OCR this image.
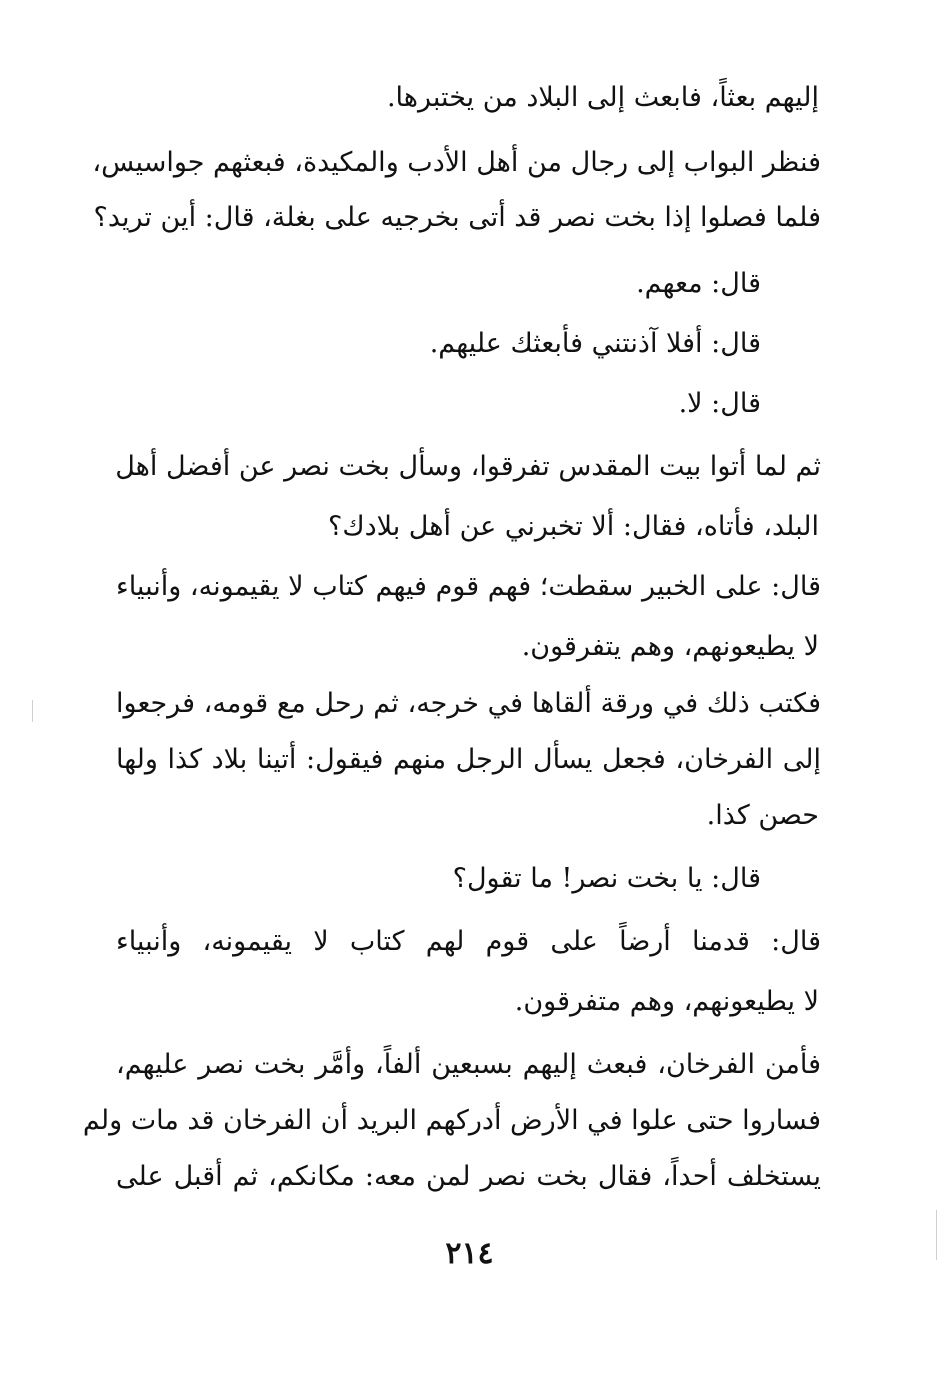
إليهم بعثاً، فابعث إلى البلاد من يختبرها.
فنظر البواب إلى رجال من أهل الأدب والمكيدة، فبعثهم جواسيس،
فلما فصلوا إذا بخت نصر قد أتى بخرجيه على بغلة، قال: أين تريد؟
قال: معهم.
قال: أفلا آذنتني فأبعثك عليهم.
قال: لا.
ثم لما أتوا بيت المقدس تفرقوا، وسأل بخت نصر عن أفضل أهل
البلد، فأتاه، فقال: ألا تخبرني عن أهل بلادك؟
قال: على الخبير سقطت؛ فهم قوم فيهم كتاب لا يقيمونه، وأنبياء
لا يطيعونهم، وهم يتفرقون.
فكتب ذلك في ورقة ألقاها في خرجه، ثم رحل مع قومه، فرجعوا
إلى الفرخان، فجعل يسأل الرجل منهم فيقول: أتينا بلاد كذا ولها
حصن كذا.
قال: يا بخت نصر! ما تقول؟
قال: قدمنا أرضاً على قوم لهم كتاب لا يقيمونه، وأنبياء
لا يطيعونهم، وهم متفرقون.
فأمن الفرخان، فبعث إليهم بسبعين ألفاً، وأمَّر بخت نصر عليهم،
فساروا حتى علوا في الأرض أدركهم البريد أن الفرخان قد مات ولم
يستخلف أحداً، فقال بخت نصر لمن معه: مكانكم، ثم أقبل على
٢١٤
